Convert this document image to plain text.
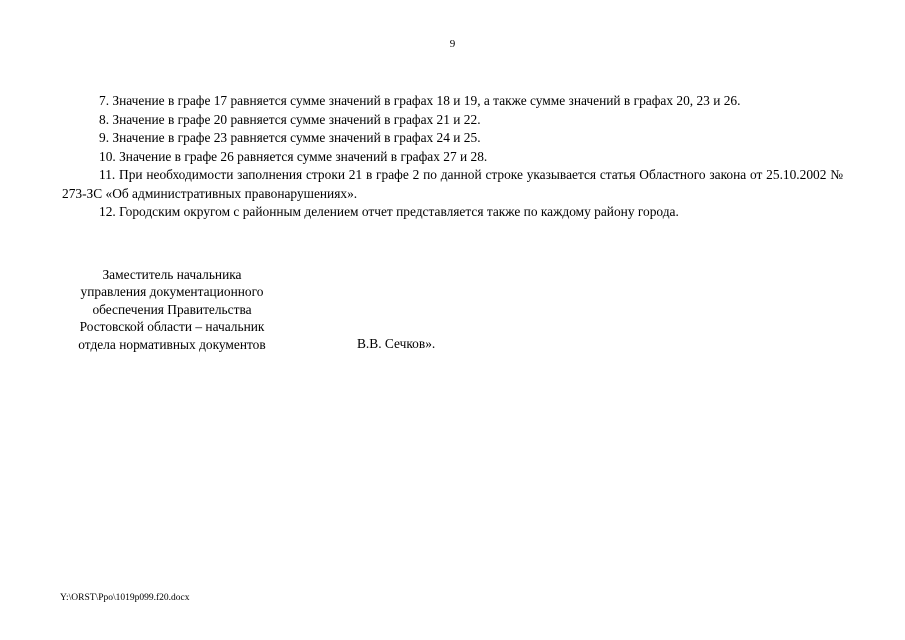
9

7. Значение в графе 17 равняется сумме значений в графах 18 и 19, а также сумме значений в графах 20, 23 и 26.

8. Значение в графе 20 равняется сумме значений в графах 21 и 22.

9. Значение в графе 23 равняется сумме значений в графах 24 и 25.

10. Значение в графе 26 равняется сумме значений в графах 27 и 28.

11. При необходимости заполнения строки 21 в графе 2 по данной строке указывается статья Областного закона от 25.10.2002 № 273-ЗС «Об административных правонарушениях».

12. Городским округом с районным делением отчет представляется также по каждому району города.

Заместитель начальника
управления документационного
обеспечения Правительства
Ростовской области – начальник
отдела нормативных документов	В.В. Сечков».
Y:\ORST\Ppo\1019p099.f20.docx
